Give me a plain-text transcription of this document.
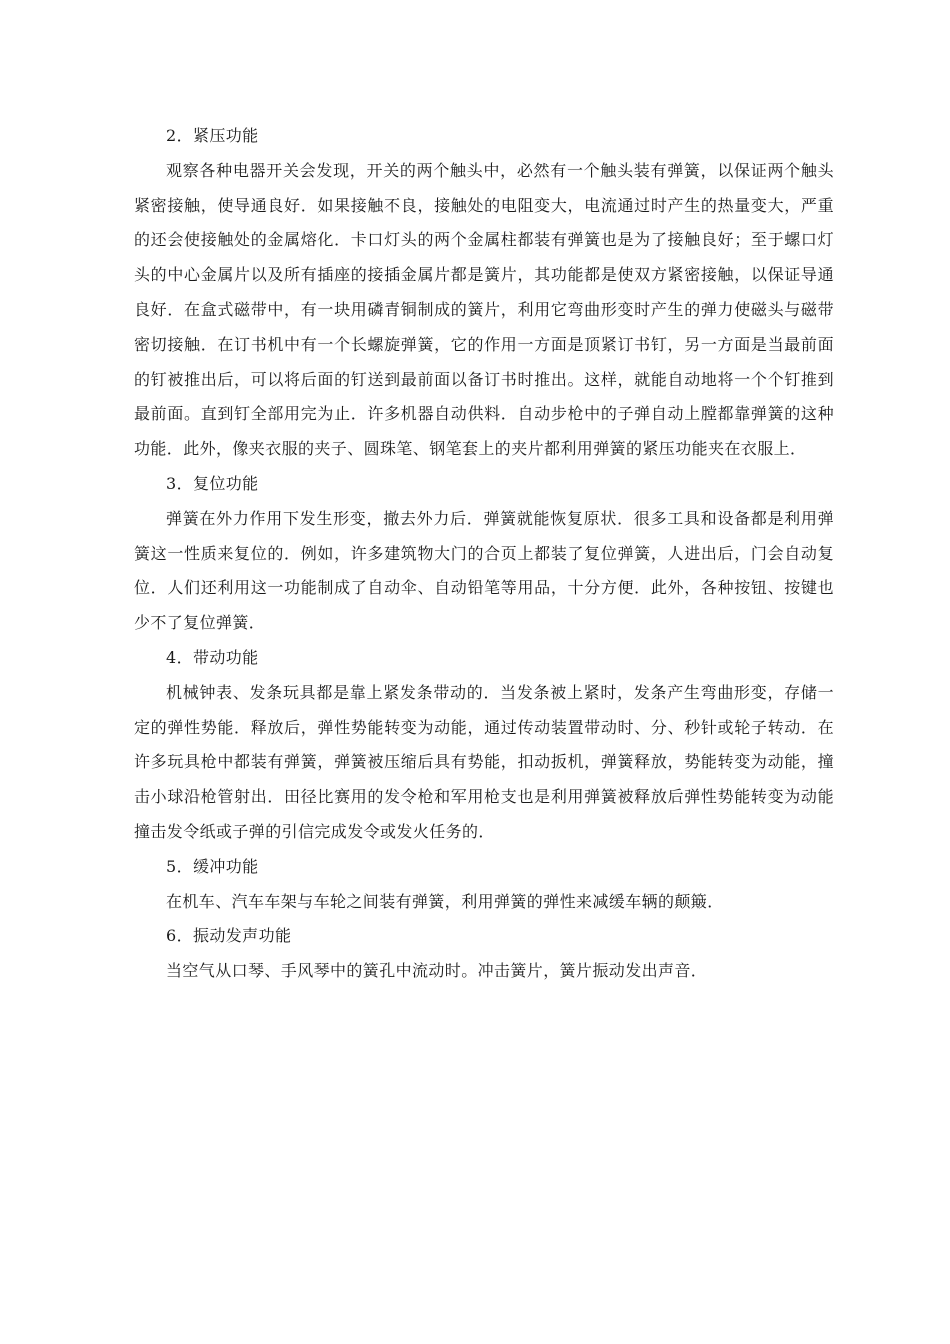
2．紧压功能

观察各种电器开关会发现，开关的两个触头中，必然有一个触头装有弹簧，以保证两个触头紧密接触，使导通良好．如果接触不良，接触处的电阻变大，电流通过时产生的热量变大，严重的还会使接触处的金属熔化．卡口灯头的两个金属柱都装有弹簧也是为了接触良好；至于螺口灯头的中心金属片以及所有插座的接插金属片都是簧片，其功能都是使双方紧密接触，以保证导通良好．在盒式磁带中，有一块用磷青铜制成的簧片，利用它弯曲形变时产生的弹力使磁头与磁带密切接触．在订书机中有一个长螺旋弹簧，它的作用一方面是顶紧订书钉，另一方面是当最前面的钉被推出后，可以将后面的钉送到最前面以备订书时推出。这样，就能自动地将一个个钉推到最前面。直到钉全部用完为止．许多机器自动供料．自动步枪中的子弹自动上膛都靠弹簧的这种功能．此外，像夹衣服的夹子、圆珠笔、钢笔套上的夹片都利用弹簧的紧压功能夹在衣服上．

3．复位功能

弹簧在外力作用下发生形变，撤去外力后．弹簧就能恢复原状．很多工具和设备都是利用弹簧这一性质来复位的．例如，许多建筑物大门的合页上都装了复位弹簧，人进出后，门会自动复位．人们还利用这一功能制成了自动伞、自动铅笔等用品，十分方便．此外，各种按钮、按键也少不了复位弹簧．

4．带动功能

机械钟表、发条玩具都是靠上紧发条带动的．当发条被上紧时，发条产生弯曲形变，存储一定的弹性势能．释放后，弹性势能转变为动能，通过传动装置带动时、分、秒针或轮子转动．在许多玩具枪中都装有弹簧，弹簧被压缩后具有势能，扣动扳机，弹簧释放，势能转变为动能，撞击小球沿枪管射出．田径比赛用的发令枪和军用枪支也是利用弹簧被释放后弹性势能转变为动能撞击发令纸或子弹的引信完成发令或发火任务的．

5．缓冲功能

在机车、汽车车架与车轮之间装有弹簧，利用弹簧的弹性来减缓车辆的颠簸．

6．振动发声功能

当空气从口琴、手风琴中的簧孔中流动时。冲击簧片，簧片振动发出声音．
